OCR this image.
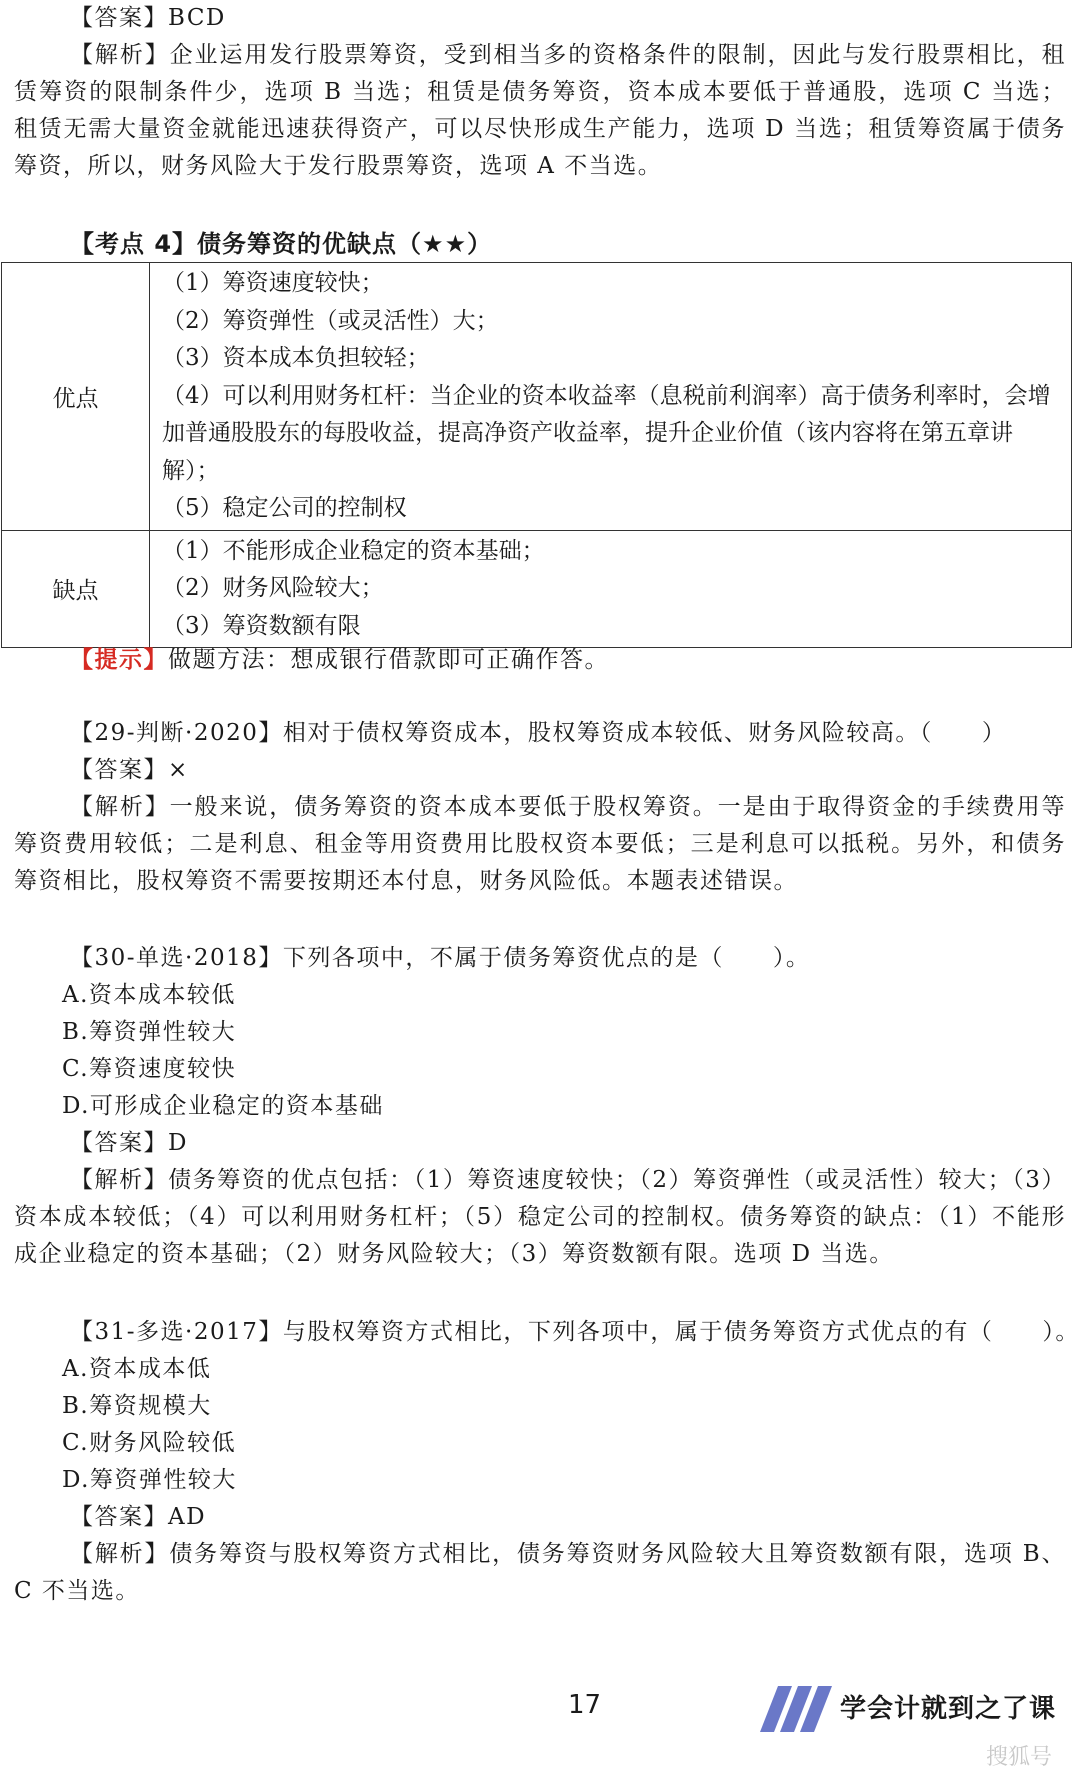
【答案】BCD
【解析】企业运用发行股票筹资，受到相当多的资格条件的限制，因此与发行股票相比，租赁筹资的限制条件少，选项 B 当选；租赁是债务筹资，资本成本要低于普通股，选项 C 当选；租赁无需大量资金就能迅速获得资产，可以尽快形成生产能力，选项 D 当选；租赁筹资属于债务筹资，所以，财务风险大于发行股票筹资，选项 A 不当选。
【考点 4】债务筹资的优缺点（★★）
优点	（1）筹资速度较快；
（2）筹资弹性（或灵活性）大；
（3）资本成本负担较轻；
（4）可以利用财务杠杆：当企业的资本收益率（息税前利润率）高于债务利率时，会增加普通股股东的每股收益，提高净资产收益率，提升企业价值（该内容将在第五章讲解）；
（5）稳定公司的控制权

缺点	（1）不能形成企业稳定的资本基础；
（2）财务风险较大；
（3）筹资数额有限
【提示】做题方法：想成银行借款即可正确作答。
【29-判断·2020】相对于债权筹资成本，股权筹资成本较低、财务风险较高。（　　）
【答案】×
【解析】一般来说，债务筹资的资本成本要低于股权筹资。一是由于取得资金的手续费用等筹资费用较低；二是利息、租金等用资费用比股权资本要低；三是利息可以抵税。另外，和债务筹资相比，股权筹资不需要按期还本付息，财务风险低。本题表述错误。
【30-单选·2018】下列各项中，不属于债务筹资优点的是（　　）。
A.资本成本较低
B.筹资弹性较大
C.筹资速度较快
D.可形成企业稳定的资本基础
【答案】D
【解析】债务筹资的优点包括：（1）筹资速度较快；（2）筹资弹性（或灵活性）较大；（3）资本成本较低；（4）可以利用财务杠杆；（5）稳定公司的控制权。债务筹资的缺点：（1）不能形成企业稳定的资本基础；（2）财务风险较大；（3）筹资数额有限。选项 D 当选。
【31-多选·2017】与股权筹资方式相比，下列各项中，属于债务筹资方式优点的有（　　）。
A.资本成本低
B.筹资规模大
C.财务风险较低
D.筹资弹性较大
【答案】AD
【解析】债务筹资与股权筹资方式相比，债务筹资财务风险较大且筹资数额有限，选项 B、C 不当选。
17	学会计就到之了课
搜狐号
